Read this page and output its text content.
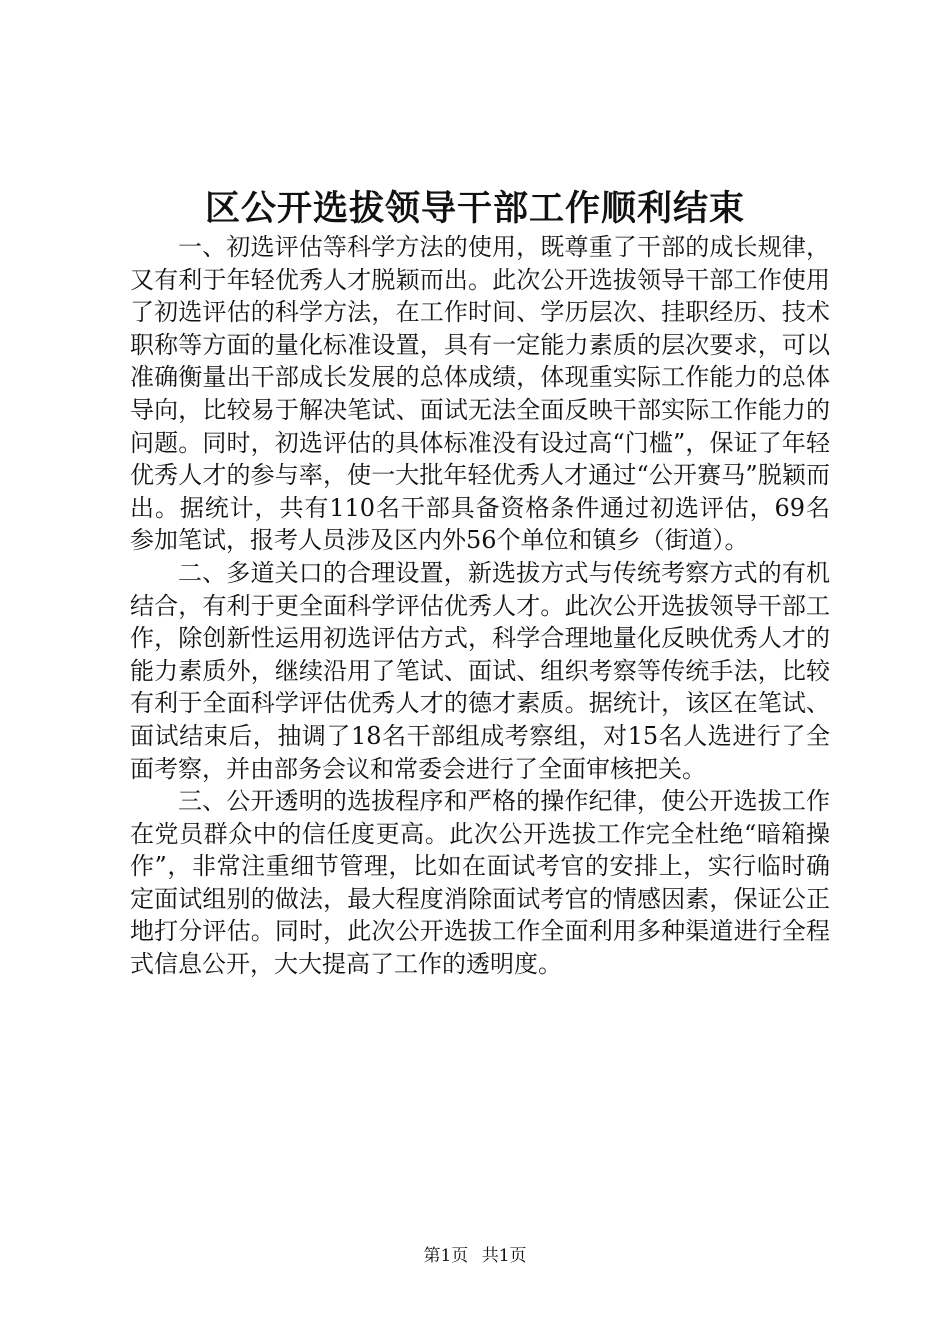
区公开选拔领导干部工作顺利结束

一、初选评估等科学方法的使用，既尊重了干部的成长规律，又有利于年轻优秀人才脱颖而出。此次公开选拔领导干部工作使用了初选评估的科学方法，在工作时间、学历层次、挂职经历、技术职称等方面的量化标准设置，具有一定能力素质的层次要求，可以准确衡量出干部成长发展的总体成绩，体现重实际工作能力的总体导向，比较易于解决笔试、面试无法全面反映干部实际工作能力的问题。同时，初选评估的具体标准没有设过高“门槛”，保证了年轻优秀人才的参与率，使一大批年轻优秀人才通过“公开赛马”脱颖而出。据统计，共有110名干部具备资格条件通过初选评估，69名参加笔试，报考人员涉及区内外56个单位和镇乡（街道）。

二、多道关口的合理设置，新选拔方式与传统考察方式的有机结合，有利于更全面科学评估优秀人才。此次公开选拔领导干部工作，除创新性运用初选评估方式，科学合理地量化反映优秀人才的能力素质外，继续沿用了笔试、面试、组织考察等传统手法，比较有利于全面科学评估优秀人才的德才素质。据统计，该区在笔试、面试结束后，抽调了18名干部组成考察组，对15名人选进行了全面考察，并由部务会议和常委会进行了全面审核把关。

三、公开透明的选拔程序和严格的操作纪律，使公开选拔工作在党员群众中的信任度更高。此次公开选拔工作完全杜绝“暗箱操作”，非常注重细节管理，比如在面试考官的安排上，实行临时确定面试组别的做法，最大程度消除面试考官的情感因素，保证公正地打分评估。同时，此次公开选拔工作全面利用多种渠道进行全程式信息公开，大大提高了工作的透明度。

第1页 共1页
